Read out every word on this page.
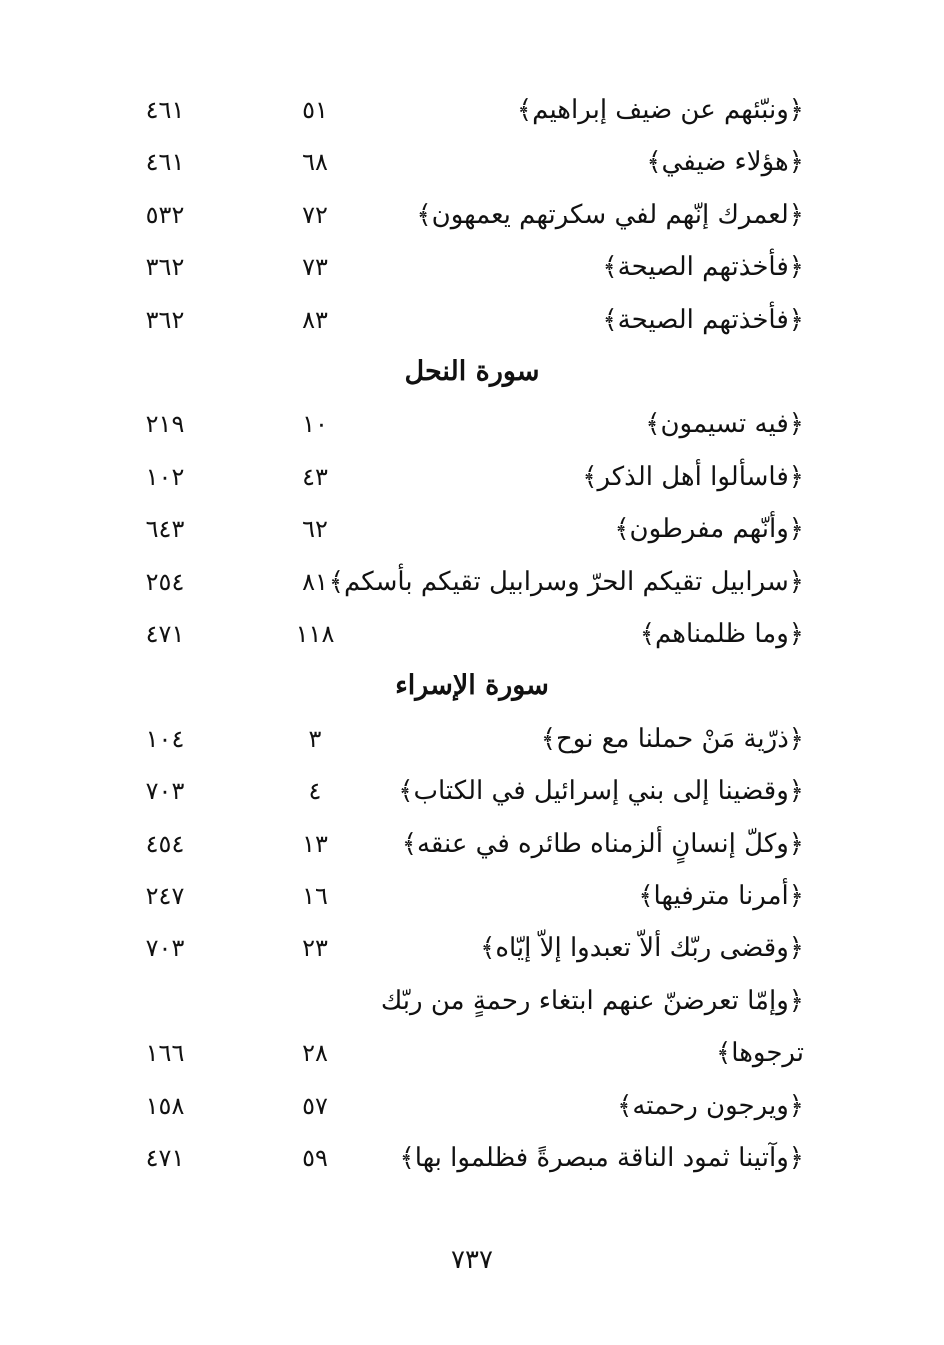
﴿ونبّئهم عن ضيف إبراهيم﴾
٥١
٤٦١
﴿هؤلاء ضيفي﴾
٦٨
٤٦١
﴿لعمرك إنّهم لفي سكرتهم يعمهون﴾
٧٢
٥٣٢
﴿فأخذتهم الصيحة﴾
٧٣
٣٦٢
﴿فأخذتهم الصيحة﴾
٨٣
٣٦٢
سورة النحل
﴿فيه تسيمون﴾
١٠
٢١٩
﴿فاسألوا أهل الذكر﴾
٤٣
١٠٢
﴿وأنّهم مفرطون﴾
٦٢
٦٤٣
﴿سرابيل تقيكم الحرّ وسرابيل تقيكم بأسكم﴾
٨١
٢٥٤
﴿وما ظلمناهم﴾
١١٨
٤٧١
سورة الإسراء
﴿ذرّية مَنْ حملنا مع نوح﴾
٣
١٠٤
﴿وقضينا إلى بني إسرائيل في الكتاب﴾
٤
٧٠٣
﴿وكلّ إنسانٍ ألزمناه طائره في عنقه﴾
١٣
٤٥٤
﴿أمرنا مترفيها﴾
١٦
٢٤٧
﴿وقضى ربّك ألاّ تعبدوا إلاّ إيّاه﴾
٢٣
٧٠٣
﴿وإمّا تعرضنّ عنهم ابتغاء رحمةٍ من ربّك
ترجوها﴾
٢٨
١٦٦
﴿ويرجون رحمته﴾
٥٧
١٥٨
﴿وآتينا ثمود الناقة مبصرةً فظلموا بها﴾
٥٩
٤٧١
٧٣٧
